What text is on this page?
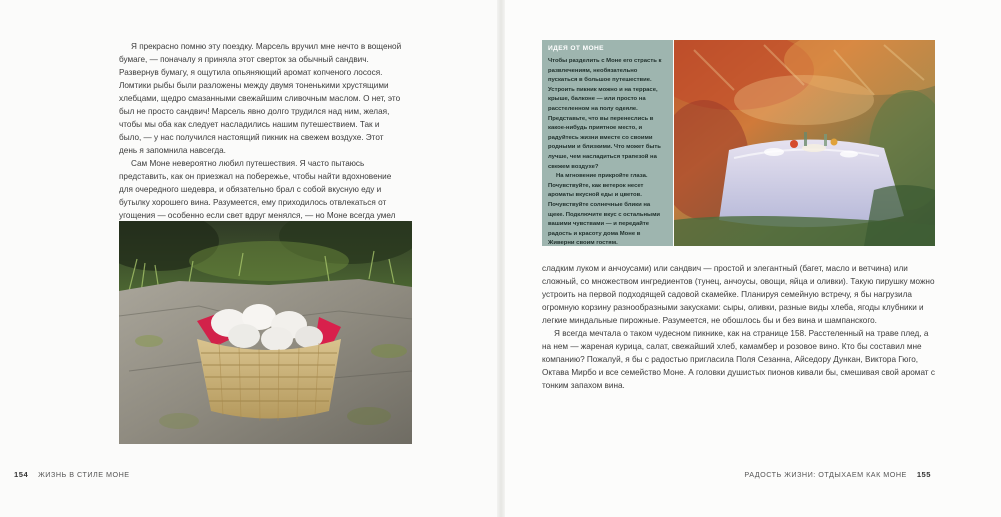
Я прекрасно помню эту поездку. Марсель вручил мне нечто в вощеной бумаге, — поначалу я приняла этот сверток за обычный сандвич. Развернув бумагу, я ощутила опьяняющий аромат копченого лосося. Ломтики рыбы были разложены между двумя тоненькими хрустящими хлебцами, щедро смазанными свежайшим сливочным маслом. О нет, это был не просто сандвич! Марсель явно долго трудился над ним, желая, чтобы мы оба как следует насладились нашим путешествием. Так и было, — у нас получился настоящий пикник на свежем воздухе. Этот день я запомнила навсегда.

Сам Моне невероятно любил путешествия. Я часто пытаюсь представить, как он приезжал на побережье, чтобы найти вдохновение для очередного шедевра, и обязательно брал с собой вкусную еду и бутылку хорошего вина. Разумеется, ему приходилось отвлекаться от угощения — особенно если свет вдруг менялся, — но Моне всегда умел

154 ЖИЗНЬ В СТИЛЕ МОНЕ
ИДЕЯ ОТ МОНЕ

Чтобы разделить с Моне его страсть к развлечениям, необязательно пускаться в большое путешествие. Устроить пикник можно и на террасе, крыше, балконе — или просто на расстеленном на полу одеяле. Представьте, что вы перенеслись в какое-нибудь приятное место, и радуйтесь жизни вместе со своими родными и близкими. Что может быть лучше, чем насладиться трапезой на свежем воздухе?

На мгновение прикройте глаза. Почувствуйте, как ветерок несет ароматы вкусной еды и цветов. Почувствуйте солнечные блики на щеке. Подключите вкус с остальными вашими чувствами — и передайте радость и красоту дома Моне в Живерни своим гостям.

сладким луком и анчоусами) или сандвич — простой и элегантный (багет, масло и ветчина) или сложный, со множеством ингредиентов (тунец, анчоусы, овощи, яйца и оливки). Такую пирушку можно устроить на первой подходящей садовой скамейке. Планируя семейную встречу, я бы нагрузила огромную корзину разнообразными закусками: сыры, оливки, разные виды хлеба, ягоды клубники и легкие миндальные пирожные. Разумеется, не обошлось бы и без вина и шампанского.

Я всегда мечтала о таком чудесном пикнике, как на странице 158. Расстеленный на траве плед, а на нем — жареная курица, салат, свежайший хлеб, камамбер и розовое вино. Кто бы составил мне компанию? Пожалуй, я бы с радостью пригласила Поля Сезанна, Айседору Дункан, Виктора Гюго, Октава Мирбо и все семейство Моне. А головки душистых пионов кивали бы, смешивая свой аромат с тонким запахом вина.

РАДОСТЬ ЖИЗНИ: ОТДЫХАЕМ КАК МОНЕ 155
